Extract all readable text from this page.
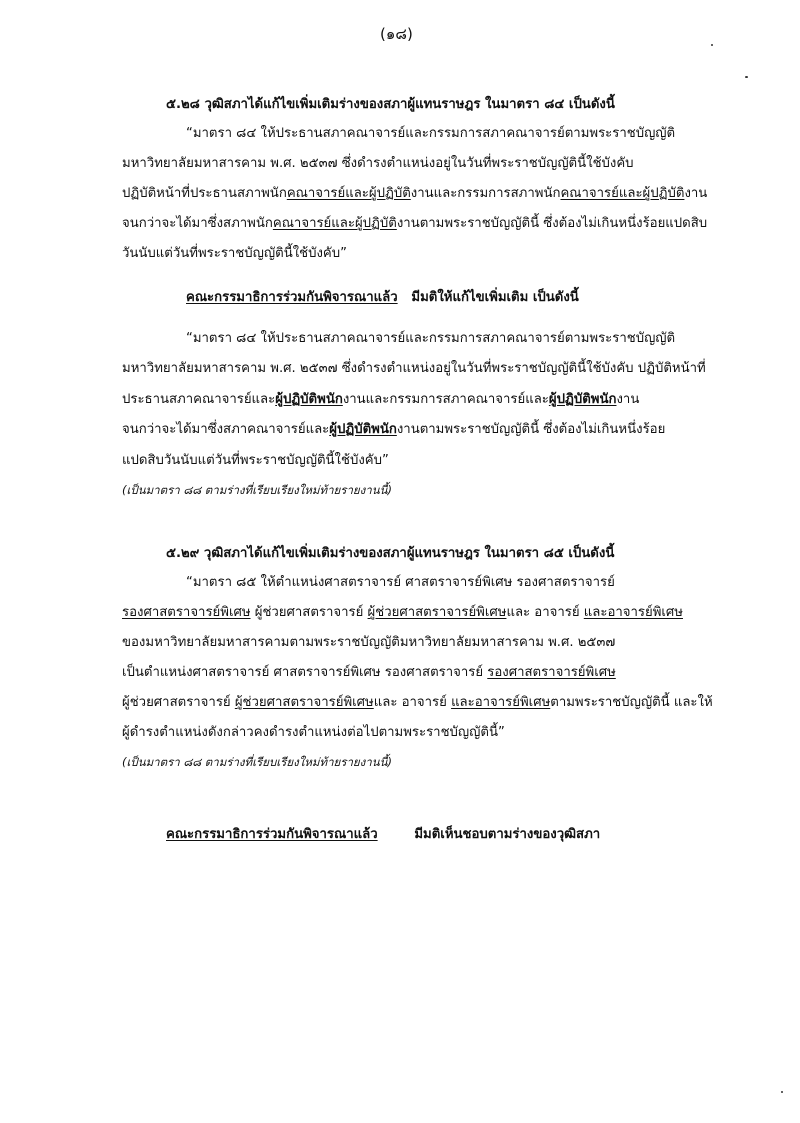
(๑๘)
๕.๒๘ วุฒิสภาได้แก้ไขเพิ่มเติมร่างของสภาผู้แทนราษฎร ในมาตรา ๘๔ เป็นดังนี้
“มาตรา ๘๔ ให้ประธานสภาคณาจารย์และกรรมการสภาคณาจารย์ตามพระราชบัญญัติ
มหาวิทยาลัยมหาสารคาม พ.ศ. ๒๕๓๗ ซึ่งดำรงตำแหน่งอยู่ในวันที่พระราชบัญญัตินี้ใช้บังคับ
ปฏิบัติหน้าที่ประธานสภาพนักคณาจารย์และผู้ปฏิบัติงานและกรรมการสภาพนักคณาจารย์และผู้ปฏิบัติงาน
จนกว่าจะได้มาซึ่งสภาพนักคณาจารย์และผู้ปฏิบัติงานตามพระราชบัญญัตินี้ ซึ่งต้องไม่เกินหนึ่งร้อยแปดสิบ
วันนับแต่วันที่พระราชบัญญัตินี้ใช้บังคับ”
คณะกรรมาธิการร่วมกันพิจารณาแล้ว มีมติให้แก้ไขเพิ่มเติม เป็นดังนี้
“มาตรา ๘๔ ให้ประธานสภาคณาจารย์และกรรมการสภาคณาจารย์ตามพระราชบัญญัติ
มหาวิทยาลัยมหาสารคาม พ.ศ. ๒๕๓๗ ซึ่งดำรงตำแหน่งอยู่ในวันที่พระราชบัญญัตินี้ใช้บังคับ ปฏิบัติหน้าที่
ประธานสภาคณาจารย์และผู้ปฏิบัติพนักงานและกรรมการสภาคณาจารย์และผู้ปฏิบัติพนักงาน
จนกว่าจะได้มาซึ่งสภาคณาจารย์และผู้ปฏิบัติพนักงานตามพระราชบัญญัตินี้ ซึ่งต้องไม่เกินหนึ่งร้อย
แปดสิบวันนับแต่วันที่พระราชบัญญัตินี้ใช้บังคับ”
(เป็นมาตรา ๘๘ ตามร่างที่เรียบเรียงใหม่ท้ายรายงานนี้)
๕.๒๙ วุฒิสภาได้แก้ไขเพิ่มเติมร่างของสภาผู้แทนราษฎร ในมาตรา ๘๕ เป็นดังนี้
“มาตรา ๘๕ ให้ตำแหน่งศาสตราจารย์ ศาสตราจารย์พิเศษ รองศาสตราจารย์
รองศาสตราจารย์พิเศษ ผู้ช่วยศาสตราจารย์ ผู้ช่วยศาสตราจารย์พิเศษและ อาจารย์ และอาจารย์พิเศษ
ของมหาวิทยาลัยมหาสารคามตามพระราชบัญญัติมหาวิทยาลัยมหาสารคาม พ.ศ. ๒๕๓๗
เป็นตำแหน่งศาสตราจารย์ ศาสตราจารย์พิเศษ รองศาสตราจารย์ รองศาสตราจารย์พิเศษ
ผู้ช่วยศาสตราจารย์ ผู้ช่วยศาสตราจารย์พิเศษและ อาจารย์ และอาจารย์พิเศษตามพระราชบัญญัตินี้ และให้
ผู้ดำรงตำแหน่งดังกล่าวคงดำรงตำแหน่งต่อไปตามพระราชบัญญัตินี้”
(เป็นมาตรา ๘๘ ตามร่างที่เรียบเรียงใหม่ท้ายรายงานนี้)
คณะกรรมาธิการร่วมกันพิจารณาแล้ว	มีมติเห็นชอบตามร่างของวุฒิสภา
